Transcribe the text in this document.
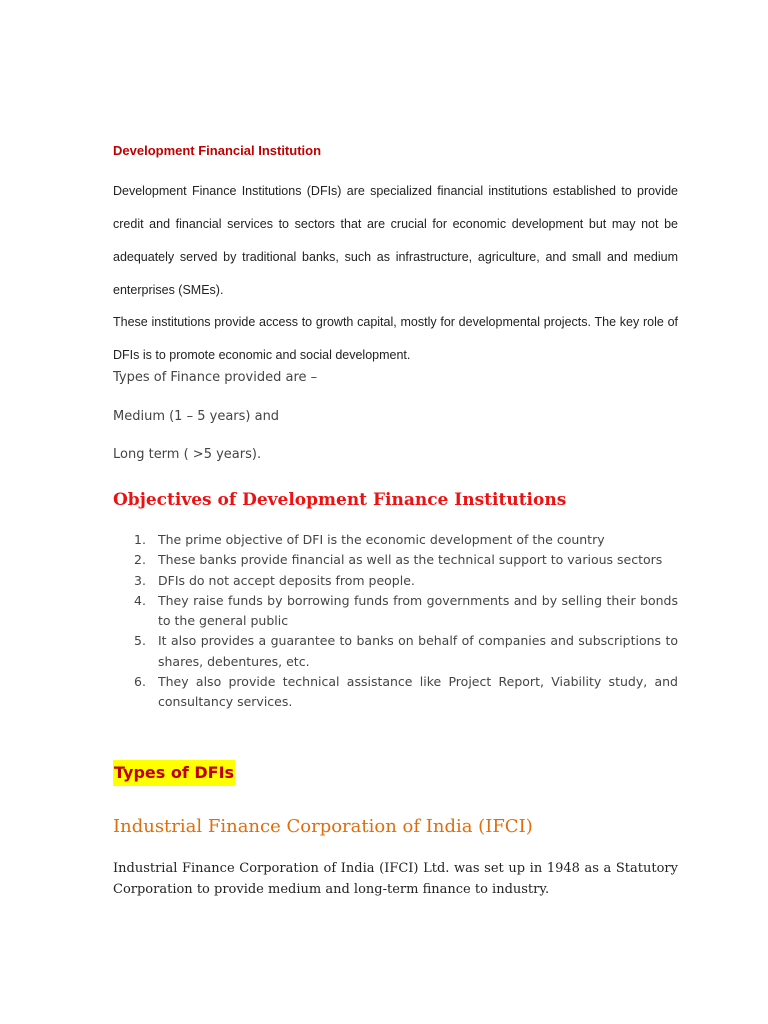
Development Financial Institution

Development Finance Institutions (DFIs) are specialized financial institutions established to provide credit and financial services to sectors that are crucial for economic development but may not be adequately served by traditional banks, such as infrastructure, agriculture, and small and medium enterprises (SMEs).

These institutions provide access to growth capital, mostly for developmental projects. The key role of DFIs is to promote economic and social development.

Types of Finance provided are –
Medium (1 – 5 years) and
Long term ( >5 years).
Objectives of Development Finance Institutions
1. The prime objective of DFI is the economic development of the country
2. These banks provide financial as well as the technical support to various sectors
3. DFIs do not accept deposits from people.
4. They raise funds by borrowing funds from governments and by selling their bonds to the general public
5. It also provides a guarantee to banks on behalf of companies and subscriptions to shares, debentures, etc.
6. They also provide technical assistance like Project Report, Viability study, and consultancy services.
Types of DFIs
Industrial Finance Corporation of India (IFCI)

Industrial Finance Corporation of India (IFCI) Ltd. was set up in 1948 as a Statutory Corporation to provide medium and long-term finance to industry.
